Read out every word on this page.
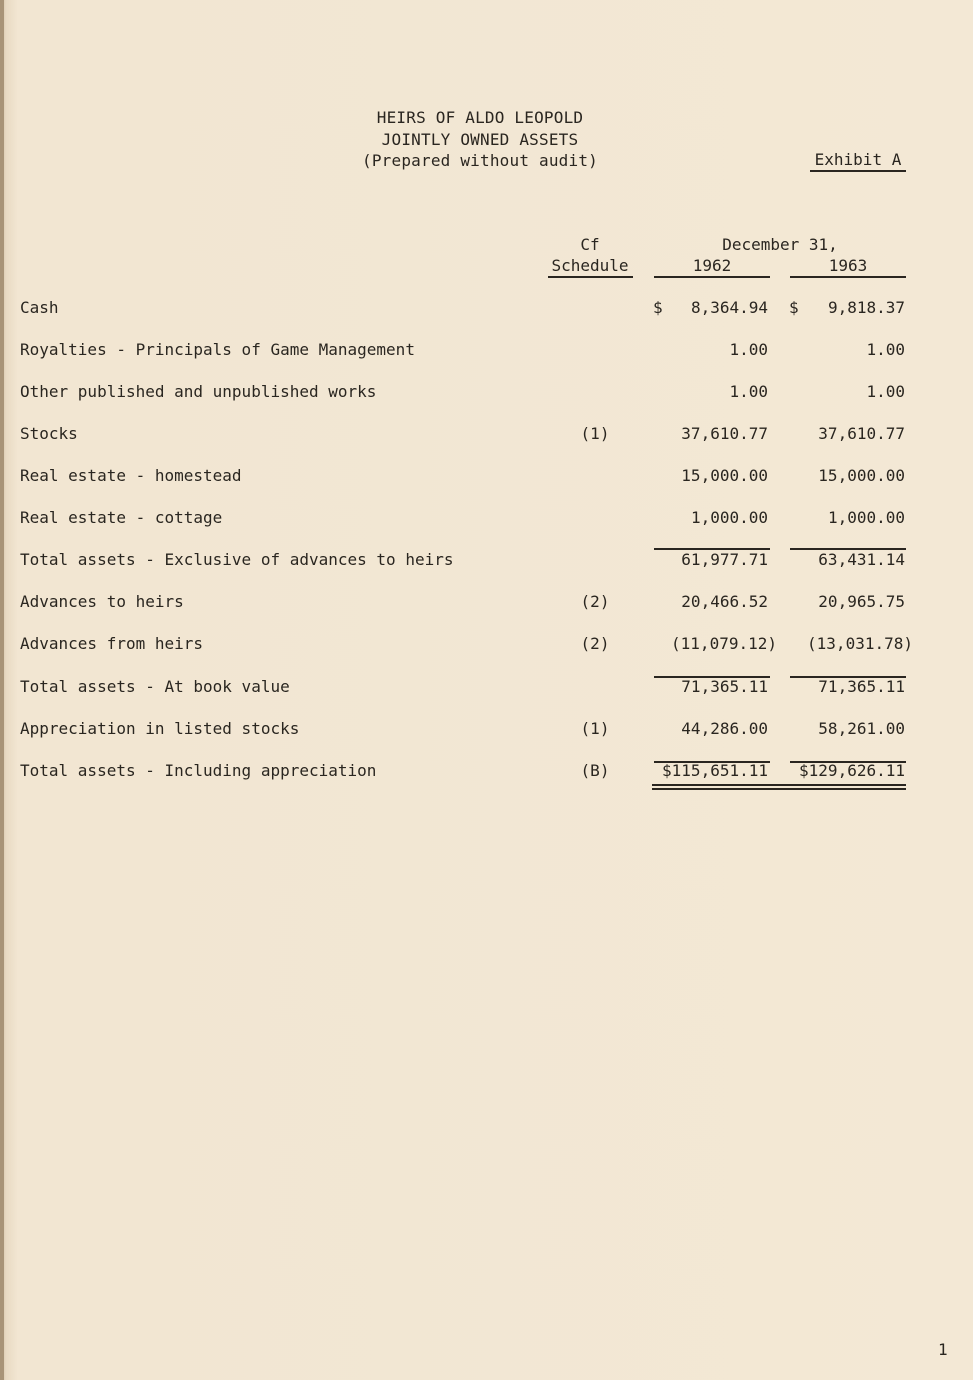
HEIRS OF ALDO LEOPOLD
JOINTLY OWNED ASSETS
(Prepared without audit)	Exhibit A
Cf
Schedule
December 31,
1962	1963
Cash	$ 8,364.94 $ 9,818.37
Royalties - Principals of Game Management	1.00	1.00
Other published and unpublished works	1.00	1.00
Stocks	(1)	37,610.77	37,610.77
Real estate - homestead	15,000.00	15,000.00
Real estate - cottage	1,000.00	1,000.00
Total assets - Exclusive of advances to heirs	61,977.71	63,431.14
Advances to heirs	(2)	20,466.52	20,965.75
Advances from heirs	(2)	(11,079.12) (13,031.78)
Total assets - At book value	71,365.11	71,365.11
Appreciation in listed stocks	(1)	44,286.00	58,261.00
Total assets - Including appreciation	(B)	$115,651.11 $129,626.11
1
